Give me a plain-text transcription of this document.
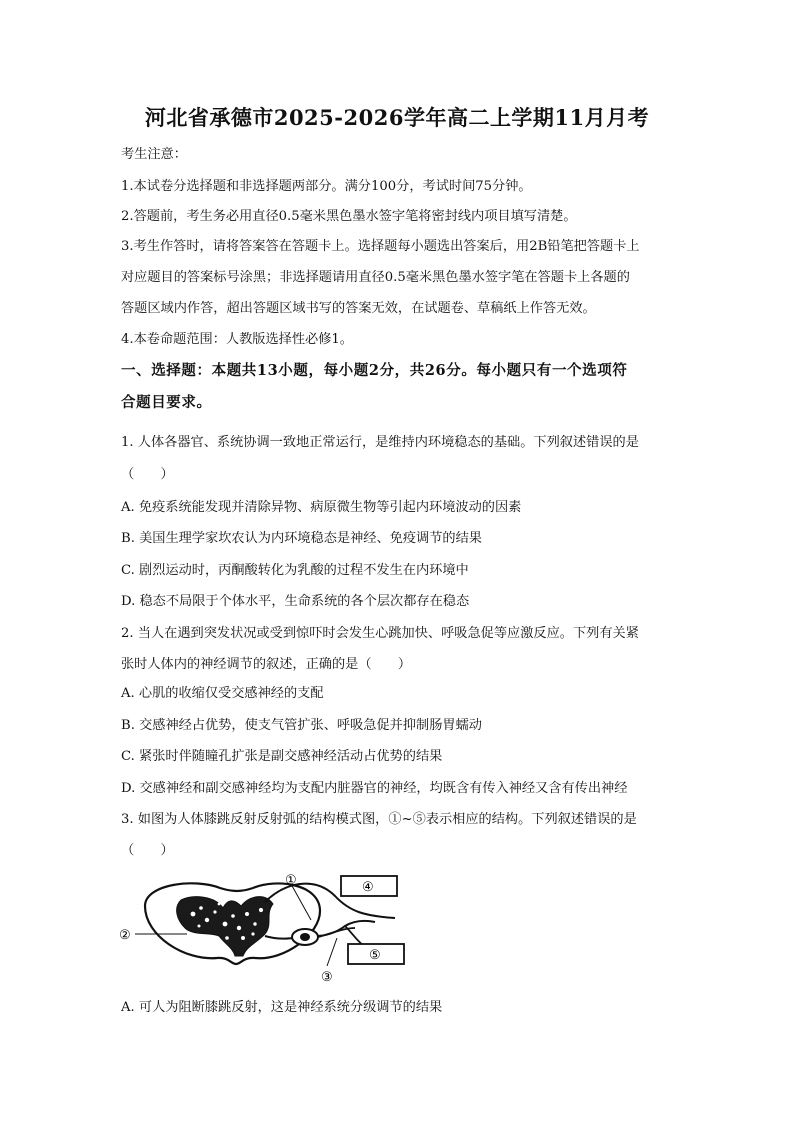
河北省承德市2025-2026学年高二上学期11月月考
考生注意：
1.本试卷分选择题和非选择题两部分。满分100分，考试时间75分钟。
2.答题前，考生务必用直径0.5毫米黑色墨水签字笔将密封线内项目填写清楚。
3.考生作答时，请将答案答在答题卡上。选择题每小题选出答案后，用2B铅笔把答题卡上
对应题目的答案标号涂黑；非选择题请用直径0.5毫米黑色墨水签字笔在答题卡上各题的
答题区域内作答，超出答题区域书写的答案无效，在试题卷、草稿纸上作答无效。
4.本卷命题范围：人教版选择性必修1。
一、选择题：本题共13小题，每小题2分，共26分。每小题只有一个选项符
合题目要求。
1. 人体各器官、系统协调一致地正常运行，是维持内环境稳态的基础。下列叙述错误的是
（　　）
A. 免疫系统能发现并清除异物、病原微生物等引起内环境波动的因素
B. 美国生理学家坎农认为内环境稳态是神经、免疫调节的结果
C. 剧烈运动时，丙酮酸转化为乳酸的过程不发生在内环境中
D. 稳态不局限于个体水平，生命系统的各个层次都存在稳态
2. 当人在遇到突发状况或受到惊吓时会发生心跳加快、呼吸急促等应激反应。下列有关紧
张时人体内的神经调节的叙述，正确的是（　　）
A. 心肌的收缩仅受交感神经的支配
B. 交感神经占优势，使支气管扩张、呼吸急促并抑制肠胃蠕动
C. 紧张时伴随瞳孔扩张是副交感神经活动占优势的结果
D. 交感神经和副交感神经均为支配内脏器官的神经，均既含有传入神经又含有传出神经
3. 如图为人体膝跳反射反射弧的结构模式图，①~⑤表示相应的结构。下列叙述错误的是
（　　）
①
②
③
④
⑤
A. 可人为阻断膝跳反射，这是神经系统分级调节的结果
